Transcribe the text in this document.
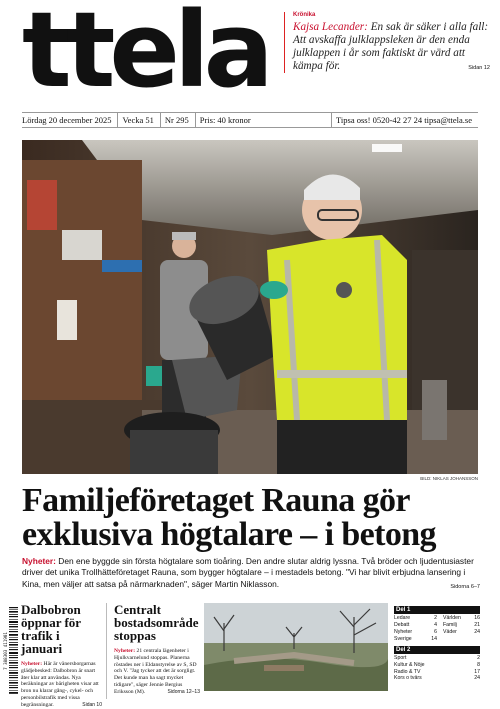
ttela	Krönika
Kajsa Lecander: En sak är säker i alla fall: Att avskaffa julklappsleken är den enda julklappen i år som faktiskt är värd att kämpa för.	Sidan 12
Lördag 20 december 2025	Vecka 51	Nr 295	Pris: 40 kronor	Tipsa oss! 0520-42 27 24 tipsa@ttela.se
BILD: NIKLAS JOHANSSON
Familjeföretaget Rauna gör exklusiva högtalare – i betong
Nyheter: Den ene byggde sin första högtalare som tioåring. Den andre slutar aldrig lyssna. Två bröder och ljudentusiaster driver det unika Trollhätteföretaget Rauna, som bygger högtalare – i mestadels betong. "Vi har blivit erbjudna lansering i Kina, men väljer att satsa på närmarknaden", säger Martin Niklasson.	Sidorna 6–7
7 388303 411901
Dalbobron öppnar för trafik i januari

Nyheter: Här är vänersborgarnas glädjebesked: Dalbobron är snart åter klar att användas. Nya beräkningar av bärigheten visar att bron nu klarar gång-, cykel- och personbilstrafik med vissa begränsningar.	Sidan 10

Centralt bostadsområde stoppas

Nyheter: 21 centrala lägenheter i Hjulkvarnelund stoppas. Planerna röstades ner i Eldanstyrelse av S, SD och V. "Jag tycker att det är sorgligt. Det kunde man ha sagt mycket tidigare", säger Jennie Bergius Eriksson (M).	Sidorna 12–13

Del 1
Ledare	2	Världen	16
Debatt	4	Familj	21
Nyheter	6	Väder	24
Sverige	14
Del 2
Sport	2
Kultur & Nöje	8
Radio & TV	17
Kors o tvärs	24
